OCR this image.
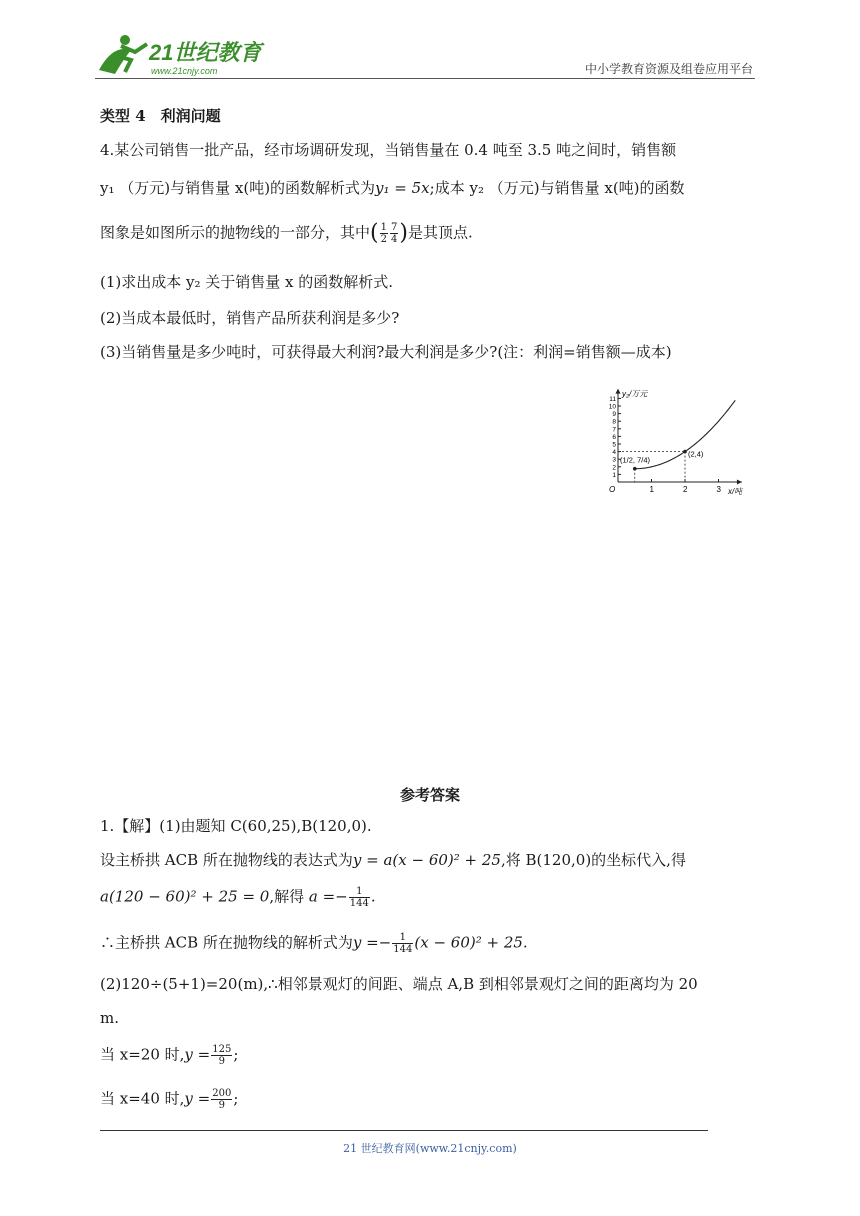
21世纪教育
www.21cnjy.com	中小学教育资源及组卷应用平台
类型 4　利润问题
4.某公司销售一批产品，经市场调研发现，当销售量在 0.4 吨至 3.5 吨之间时，销售额
y₁ （万元)与销售量 x(吨)的函数解析式为y₁ = 5x;成本 y₂ （万元)与销售量 x(吨)的函数
图象是如图所示的抛物线的一部分，其中( $\frac{1}{2} \frac{7}{4}$ )是其顶点.
(1)求出成本 y₂ 关于销售量 x 的函数解析式.
(2)当成本最低时，销售产品所获利润是多少?
(3)当销售量是多少吨时，可获得最大利润?最大利润是多少?(注：利润=销售额—成本)
y₂/万元
x/吨
O	1	2	3
1
2
3
4
5
6
7
8
9
10
11
(1/2, 7/4)
(2,4)
参考答案
1.【解】(1)由题知 C(60,25),B(120,0).
设主桥拱 ACB 所在抛物线的表达式为y = a(x − 60)² + 25,将 B(120,0)的坐标代入,得
a(120 − 60)² + 25 = 0,解得 $a =- \frac{1}{144}$ .
∴主桥拱 ACB 所在抛物线的解析式为$y =- \frac{1}{144} (x - 60)^2 + 25$.
(2)120÷(5+1)=20(m),∴相邻景观灯的间距、端点 A,B 到相邻景观灯之间的距离均为 20
m.
当 x=20 时$,y = \frac{125}{9}$ ;
当 x=40 时$,y = \frac{200}{9}$ ;
21 世纪教育网(www.21cnjy.com)
